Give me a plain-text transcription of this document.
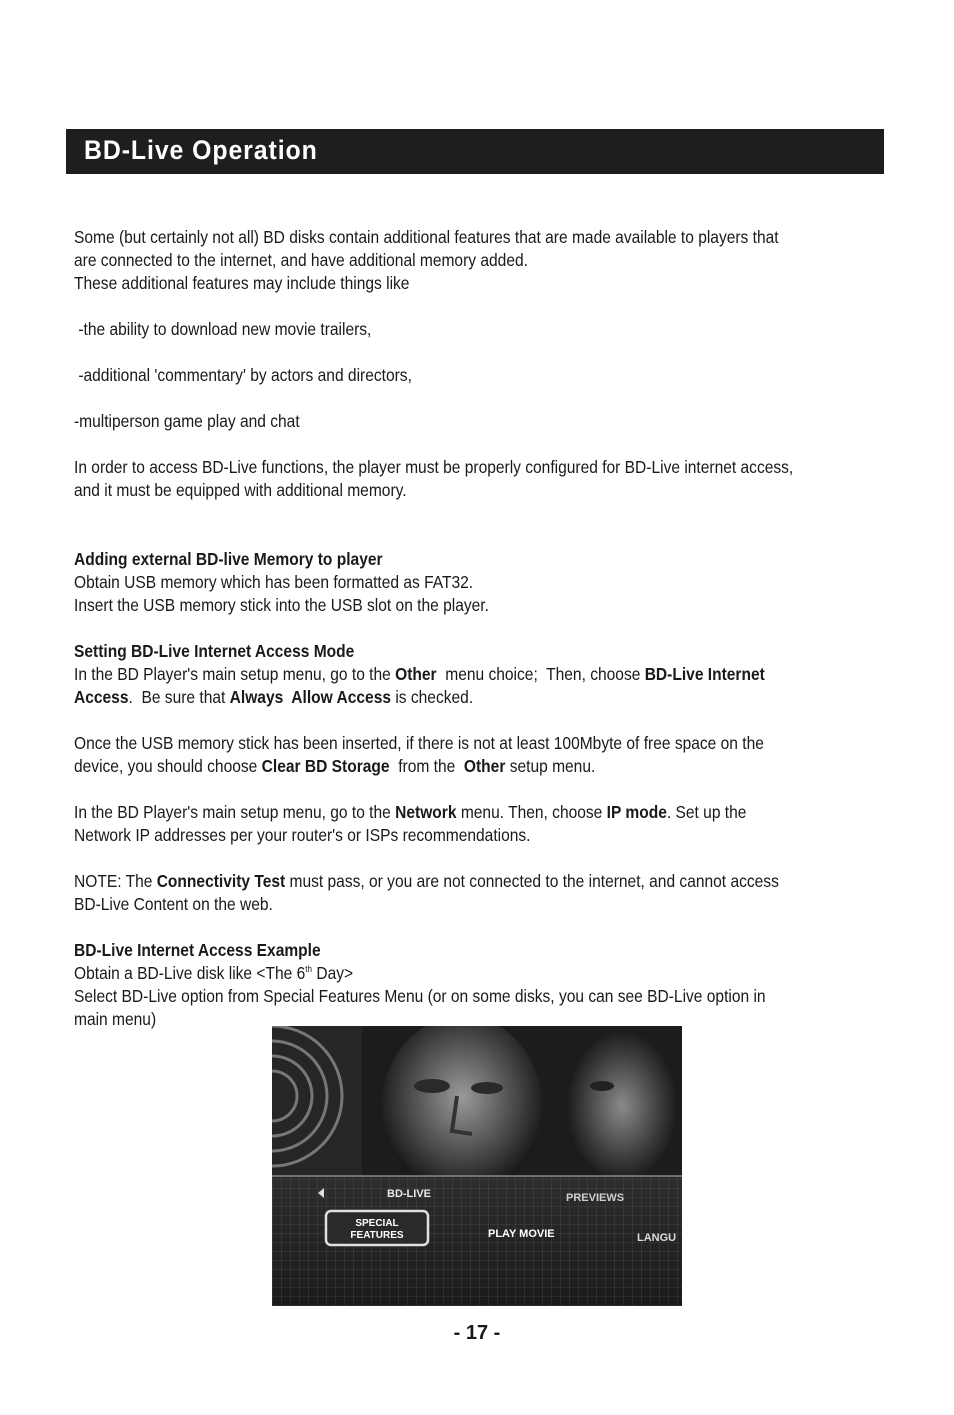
BD-Live Operation

Some (but certainly not all) BD disks contain additional features that are made available to players that

are connected to the internet, and have additional memory added.

These additional features may include things like

-the ability to download new movie trailers,

-additional 'commentary' by actors and directors,

-multiperson game play and chat

In order to access BD-Live functions, the player must be properly configured for BD-Live internet access,

and it must be equipped with additional memory.

Adding external BD-live Memory to player

Obtain USB memory which has been formatted as FAT32.

Insert the USB memory stick into the USB slot on the player.

Setting BD-Live Internet Access Mode

In the BD Player's main setup menu, go to the Other  menu choice;  Then, choose BD-Live Internet

Access.  Be sure that Always  Allow Access is checked.

Once the USB memory stick has been inserted, if there is not at least 100Mbyte of free space on the

device, you should choose Clear BD Storage  from the  Other setup menu.

In the BD Player's main setup menu, go to the Network menu. Then, choose IP mode. Set up the

Network IP addresses per your router's or ISPs recommendations.

NOTE: The Connectivity Test must pass, or you are not connected to the internet, and cannot access

BD-Live Content on the web.

BD-Live Internet Access Example

Obtain a BD-Live disk like <The 6th Day>

Select BD-Live option from Special Features Menu (or on some disks, you can see BD-Live option in

main menu)

BD-LIVE	PREVIEWS
SPECIAL
FEATURES	PLAY MOVIE	LANGU
- 17 -
